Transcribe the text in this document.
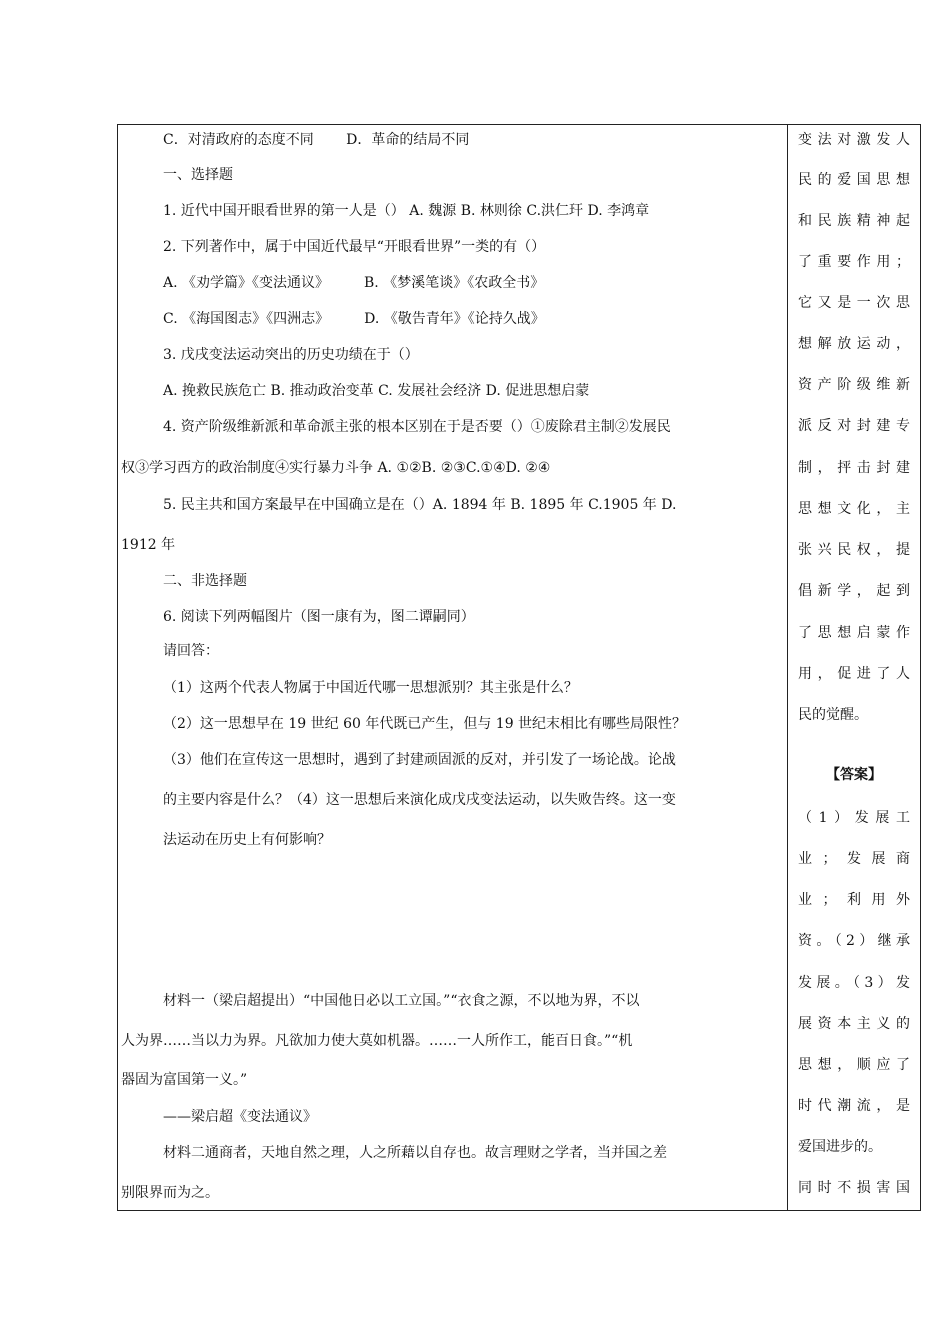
C．对清政府的态度不同　　 D．革命的结局不同
一、选择题
1. 近代中国开眼看世界的第一人是（） A. 魏源 B. 林则徐 C.洪仁玕 D. 李鸿章
2. 下列著作中，属于中国近代最早“开眼看世界”一类的有（）
A. 《劝学篇》《变法通议》　　　B. 《梦溪笔谈》《农政全书》
C. 《海国图志》《四洲志》　　　D. 《敬告青年》《论持久战》
3. 戊戌变法运动突出的历史功绩在于（）
A. 挽救民族危亡 B. 推动政治变革 C. 发展社会经济 D. 促进思想启蒙
4. 资产阶级维新派和革命派主张的根本区别在于是否要（）①废除君主制②发展民
权③学习西方的政治制度④实行暴力斗争 A. ①②B. ②③C.①④D. ②④
5. 民主共和国方案最早在中国确立是在（）A. 1894 年 B. 1895 年 C.1905 年 D.
1912 年
二、非选择题
6. 阅读下列两幅图片（图一康有为，图二谭嗣同）
请回答：
（1）这两个代表人物属于中国近代哪一思想派别？其主张是什么？
（2）这一思想早在 19 世纪 60 年代既已产生，但与 19 世纪末相比有哪些局限性？
（3）他们在宣传这一思想时，遇到了封建顽固派的反对，并引发了一场论战。论战
的主要内容是什么？（4）这一思想后来演化成戊戌变法运动，以失败告终。这一变
法运动在历史上有何影响？
材料一（梁启超提出）“中国他日必以工立国。”“衣食之源，不以地为界，不以
人为界……当以力为界。凡欲加力使大莫如机器。……一人所作工，能百日食。”“机
器固为富国第一义。”
——梁启超《变法通议》
材料二通商者，天地自然之理，人之所藉以自存也。故言理财之学者，当并国之差
别限界而为之。
变法对激发人
民的爱国思想
和民族精神起
了重要作用；
它又是一次思
想解放运动，
资产阶级维新
派反对封建专
制，抨击封建
思想文化，主
张兴民权，提
倡新学，起到
了思想启蒙作
用，促进了人
民的觉醒。
【答案】
（1）发展工
业；发展商
业；利用外
资。（2）继承
发展。（3）发
展资本主义的
思想，顺应了
时代潮流，是
爱国进步的。
同时不损害国
